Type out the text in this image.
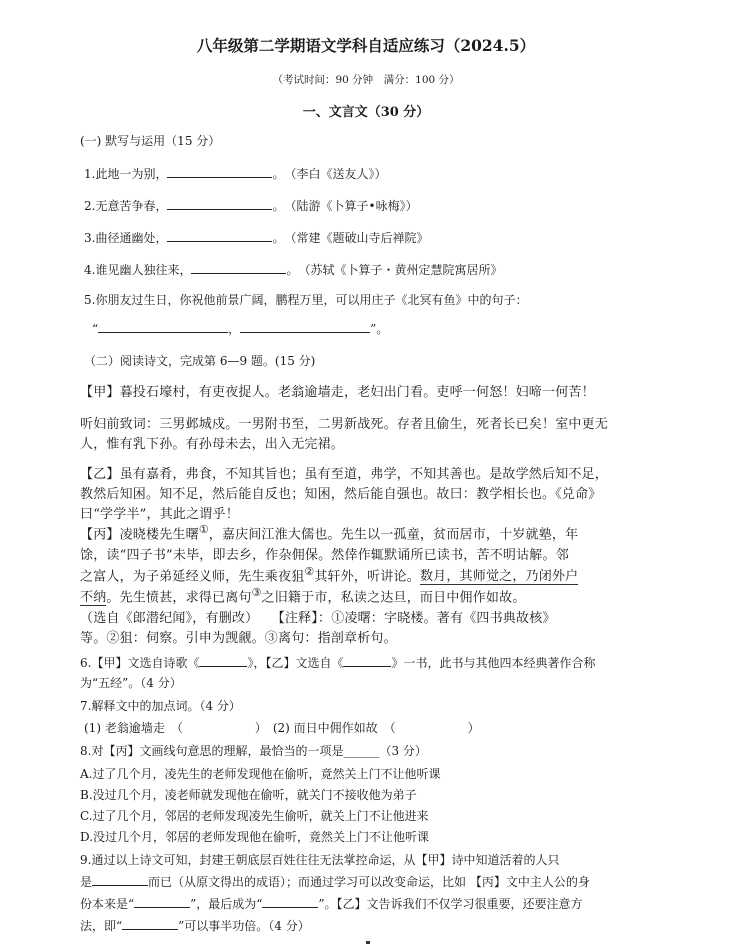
八年级第二学期语文学科自适应练习（2024.5）
（考试时间：90 分钟　满分：100 分）
一、文言文（30 分）
(一) 默写与运用（15 分）
1.此地一为别，	。　 （李白《送友人》）
2.无意苦争春，	。　 （陆游《卜算子•咏梅》）
3.曲径通幽处，	。　 （常建《题破山寺后禅院》
4.谁见幽人独往来，	。　 （苏轼《卜算子・黄州定慧院寓居所》
5.你朋友过生日，你祝他前景广阔，鹏程万里，可以用庄子《北冥有鱼》中的句子：
“	，	”。
（二）阅读诗文，完成第 6—9 题。(15 分)
【甲】暮投石壕村，有吏夜捉人。老翁逾墙走，老妇出门看。吏呼一何怒！妇啼一何苦！
听妇前致词：三男邺城戍。一男附书至，二男新战死。存者且偷生，死者长已矣！室中更无
人，惟有乳下孙。有孙母未去，出入无完裙。
【乙】虽有嘉肴，弗食，不知其旨也；虽有至道，弗学，不知其善也。是故学然后知不足，
教然后知困。知不足，然后能自反也；知困，然后能自强也。故曰：教学相长也。《兑命》
曰“学学半”，其此之谓乎！
【丙】凌晓楼先生曙①，嘉庆间江淮大儒也。先生以一孤童，贫而居市，十岁就塾，年
馀，读“四子书”未毕，即去乡，作杂佣保。然倖作辄默诵所已读书，苦不明诂解。邻
之富人，为子弟延经义师，先生乘夜狙②其轩外，听讲论。数月，其师觉之，乃闭外户
不纳。先生愤甚，求得已离句③之旧籍于市，私读之达旦，而日中佣作如故。
（选自《郎潜纪闻》，有删改）　　【注释】：①凌曙：字晓楼。著有《四书典故核》
等。②狙：伺察。引申为觊觎。③离句：指剖章析句。
6.【甲】文选自诗歌《	》，【乙】文选自《	》一书，此书与其他四本经典著作合称
为“五经”。（4 分）
7.解释文中的加点词。（4 分）
(1) 老翁逾墙走　（　　　　　　）　(2) 而日中佣作如故　（　　　　　　）
8.对【丙】文画线句意思的理解，最恰当的一项是______（3 分）
A.过了几个月，凌先生的老师发现他在偷听，竟然关上门不让他听课
B.没过几个月，凌老师就发现他在偷听，就关门不接收他为弟子
C.过了几个月，邻居的老师发现凌先生偷听，就关上门不让他进来
D.没过几个月，邻居的老师发现他在偷听，竟然关上门不让他听课
9.通过以上诗文可知，封建王朝底层百姓往往无法掌控命运，从【甲】诗中知道活着的人只
是	而已（从原文得出的成语）；而通过学习可以改变命运，比如 【丙】文中主人公的身
份本来是“	”，最后成为“	”。【乙】文告诉我们不仅学习很重要，还要注意方
法，即“	”可以事半功倍。（4 分）
